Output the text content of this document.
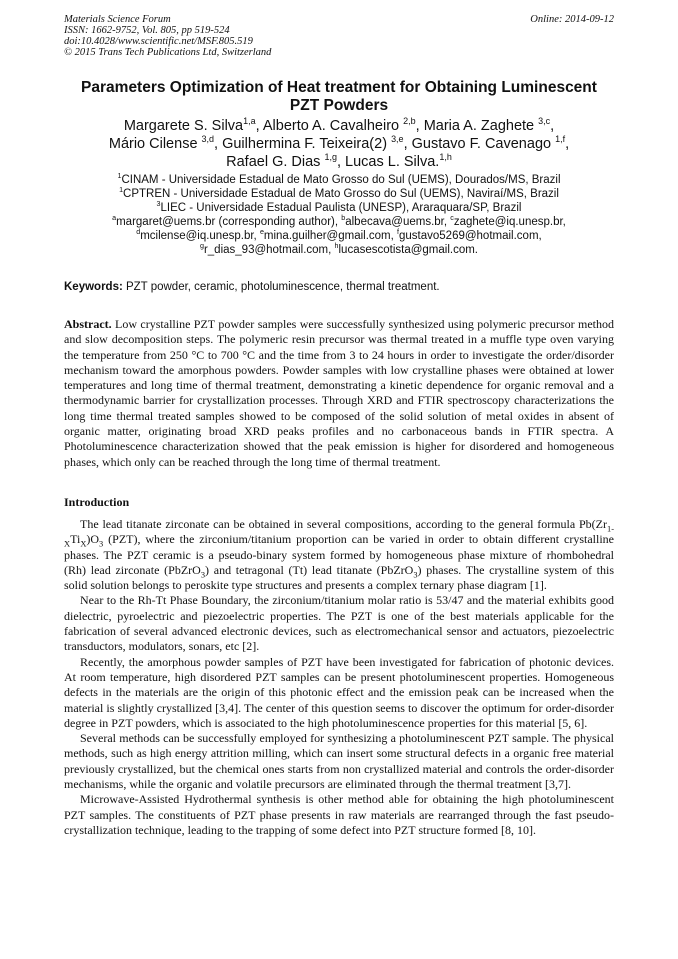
Materials Science Forum
ISSN: 1662-9752, Vol. 805, pp 519-524
doi:10.4028/www.scientific.net/MSF.805.519
© 2015 Trans Tech Publications Ltd, Switzerland
Online: 2014-09-12
Parameters Optimization of Heat treatment for Obtaining Luminescent
PZT Powders
Margarete S. Silva$^{1,a}$, Alberto A. Cavalheiro $^{2,b}$, Maria A. Zaghete $^{3,c}$,
Mário Cilense $^{3,d}$, Guilhermina F. Teixeira(2) $^{3,e}$, Gustavo F. Cavenago $^{1,f}$,
Rafael G. Dias $^{1,g}$, Lucas L. Silva.$^{1,h}$
$^1$CINAM - Universidade Estadual de Mato Grosso do Sul (UEMS), Dourados/MS, Brazil
$^1$CPTREN - Universidade Estadual de Mato Grosso do Sul (UEMS), Naviraí/MS, Brazil
$^3$LIEC - Universidade Estadual Paulista (UNESP), Araraquara/SP, Brazil
$^a$margaret@uems.br (corresponding author), $^b$albecava@uems.br, $^c$zaghete@iq.unesp.br,
$^d$mcilense@iq.unesp.br, $^e$mina.guilher@gmail.com, $^f$gustavo5269@hotmail.com,
$^g$r_dias_93@hotmail.com, $^h$lucasescotista@gmail.com.
Keywords: PZT powder, ceramic, photoluminescence, thermal treatment.

Abstract. Low crystalline PZT powder samples were successfully synthesized using polymeric precursor method and slow decomposition steps. The polymeric resin precursor was thermal treated in a muffle type oven varying the temperature from 250 °C to 700 °C and the time from 3 to 24 hours in order to investigate the order/disorder mechanism toward the amorphous powders. Powder samples with low crystalline phases were obtained at lower temperatures and long time of thermal treatment, demonstrating a kinetic dependence for organic removal and a thermodynamic barrier for crystallization processes. Through XRD and FTIR spectroscopy characterizations the long time thermal treated samples showed to be composed of the solid solution of metal oxides in absent of organic matter, originating broad XRD peaks profiles and no carbonaceous bands in FTIR spectra. A Photoluminescence characterization showed that the peak emission is higher for disordered and homogeneous phases, which only can be reached through the long time of thermal treatment.

Introduction

The lead titanate zirconate can be obtained in several compositions, according to the general formula $Pb(Zr_{1-X}Ti_X)O_3$ (PZT), where the zirconium/titanium proportion can be varied in order to obtain different crystalline phases. The PZT ceramic is a pseudo-binary system formed by homogeneous phase mixture of rhombohedral (Rh) lead zirconate (PbZrO$_3$) and tetragonal (Tt) lead titanate (PbZrO$_3$) phases. The crystalline system of this solid solution belongs to peroskite type structures and presents a complex ternary phase diagram [1].

Near to the Rh-Tt Phase Boundary, the zirconium/titanium molar ratio is 53/47 and the material exhibits good dielectric, pyroelectric and piezoelectric properties. The PZT is one of the best materials applicable for the fabrication of several advanced electronic devices, such as electromechanical sensor and actuators, piezoelectric transductors, modulators, sonars, etc [2].

Recently, the amorphous powder samples of PZT have been investigated for fabrication of photonic devices. At room temperature, high disordered PZT samples can be present photoluminescent properties. Homogeneous defects in the materials are the origin of this photonic effect and the emission peak can be increased when the material is slightly crystallized [3,4]. The center of this question seems to discover the optimum for order-disorder degree in PZT powders, which is associated to the high photoluminescence properties for this material [5, 6].

Several methods can be successfully employed for synthesizing a photoluminescent PZT sample. The physical methods, such as high energy attrition milling, which can insert some structural defects in a organic free material previously crystallized, but the chemical ones starts from non crystallized material and controls the order-disorder mechanisms, while the organic and volatile precursors are eliminated through the thermal treatment [3,7].

Microwave-Assisted Hydrothermal synthesis is other method able for obtaining the high photoluminescent PZT samples. The constituents of PZT phase presents in raw materials are rearranged through the fast pseudo-crystallization technique, leading to the trapping of some defect into PZT structure formed [8, 10].
